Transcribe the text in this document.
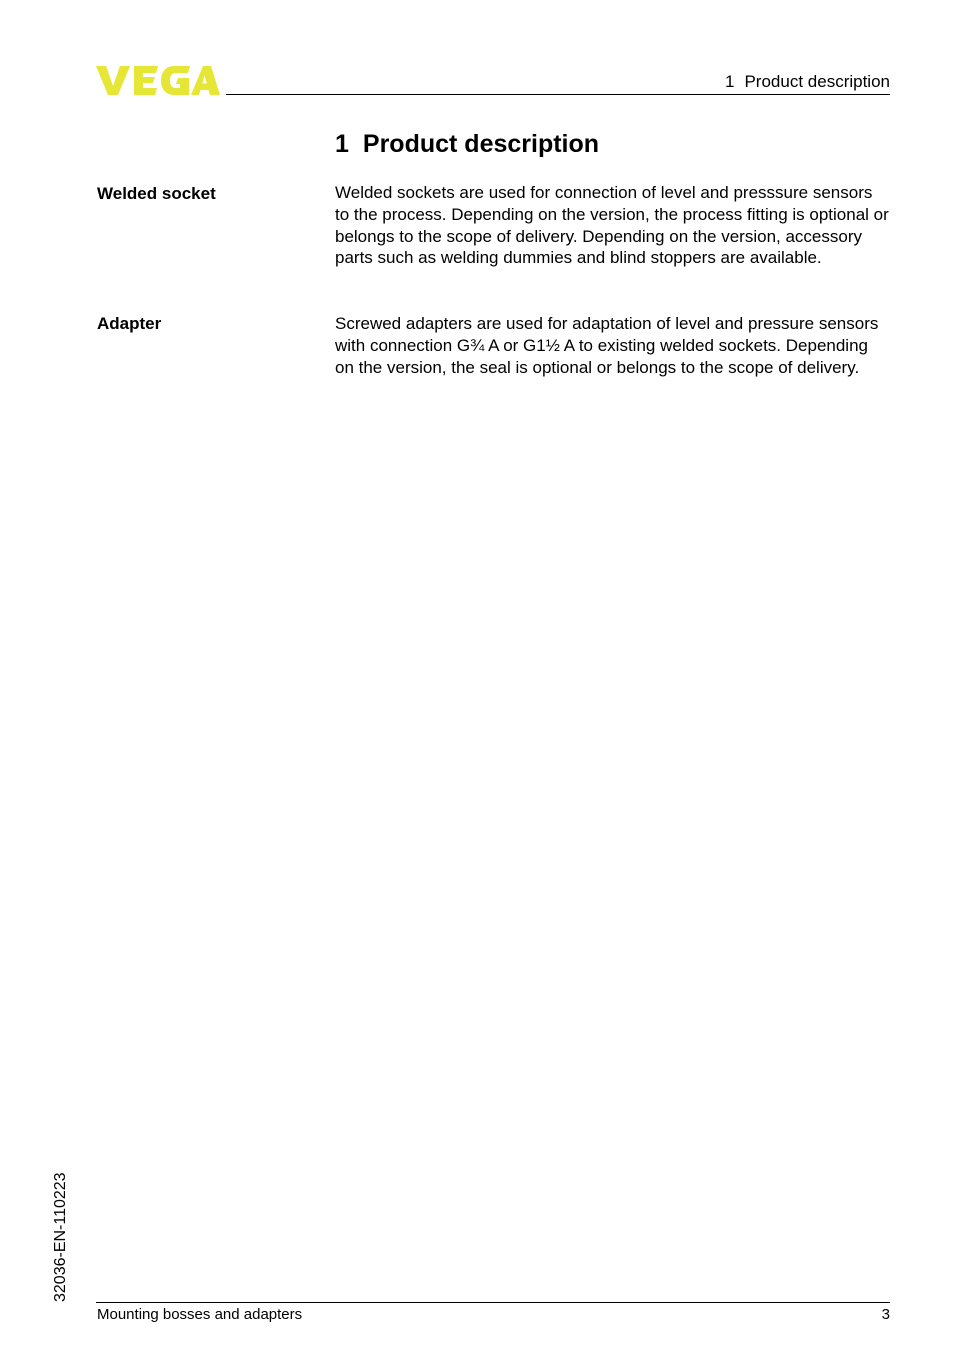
1 Product description
1 Product description
Welded socket	Welded sockets are used for connection of level and presssure sensors to the process. Depending on the version, the process fitting is optional or belongs to the scope of delivery. Depending on the version, accessory parts such as welding dummies and blind stoppers are available.

Adapter	Screwed adapters are used for adaptation of level and pressure sensors with connection G¾ A or G1½ A to existing welded sockets. Depending on the version, the seal is optional or belongs to the scope of delivery.

32036-EN-110223
Mounting bosses and adapters	3
